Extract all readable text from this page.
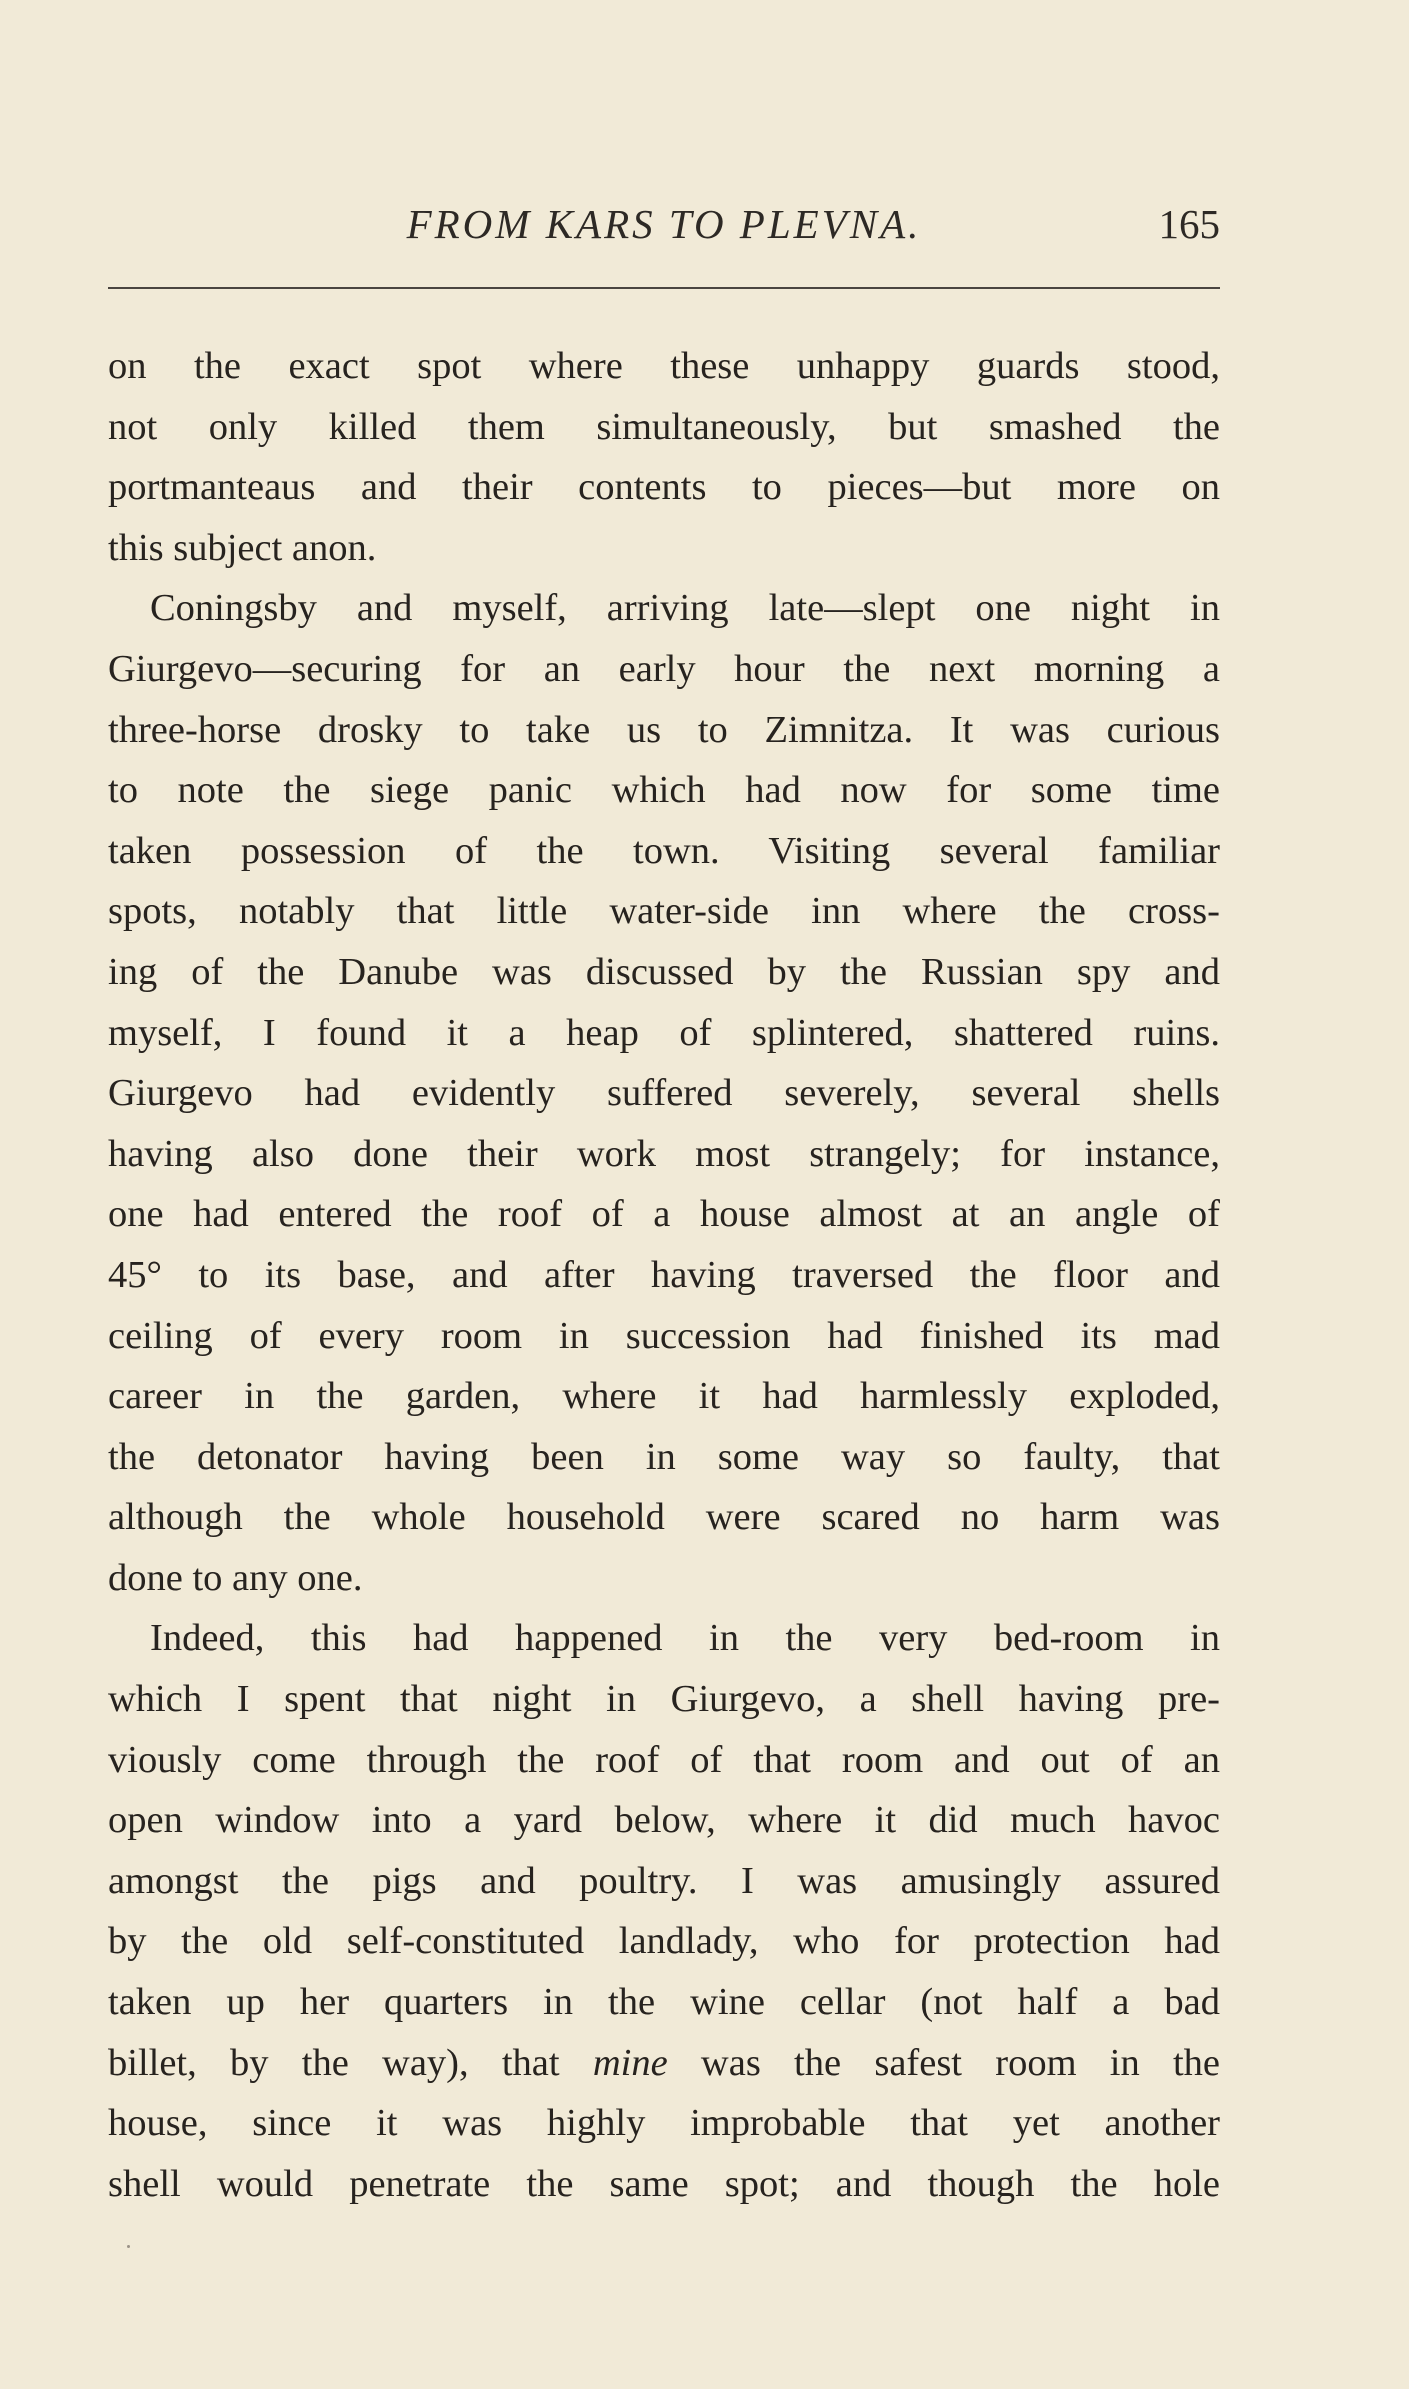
FROM KARS TO PLEVNA.	165
on the exact spot where these unhappy guards stood,
not only killed them simultaneously, but smashed the
portmanteaus and their contents to pieces—but more on
this subject anon.
Coningsby and myself, arriving late—slept one night in
Giurgevo—securing for an early hour the next morning a
three-horse drosky to take us to Zimnitza. It was curious
to note the siege panic which had now for some time
taken possession of the town. Visiting several familiar
spots, notably that little water-side inn where the cross-
ing of the Danube was discussed by the Russian spy and
myself, I found it a heap of splintered, shattered ruins.
Giurgevo had evidently suffered severely, several shells
having also done their work most strangely; for instance,
one had entered the roof of a house almost at an angle of
45° to its base, and after having traversed the floor and
ceiling of every room in succession had finished its mad
career in the garden, where it had harmlessly exploded,
the detonator having been in some way so faulty, that
although the whole household were scared no harm was
done to any one.
Indeed, this had happened in the very bed-room in
which I spent that night in Giurgevo, a shell having pre-
viously come through the roof of that room and out of an
open window into a yard below, where it did much havoc
amongst the pigs and poultry. I was amusingly assured
by the old self-constituted landlady, who for protection had
taken up her quarters in the wine cellar (not half a bad
billet, by the way), that mine was the safest room in the
house, since it was highly improbable that yet another
shell would penetrate the same spot; and though the hole
